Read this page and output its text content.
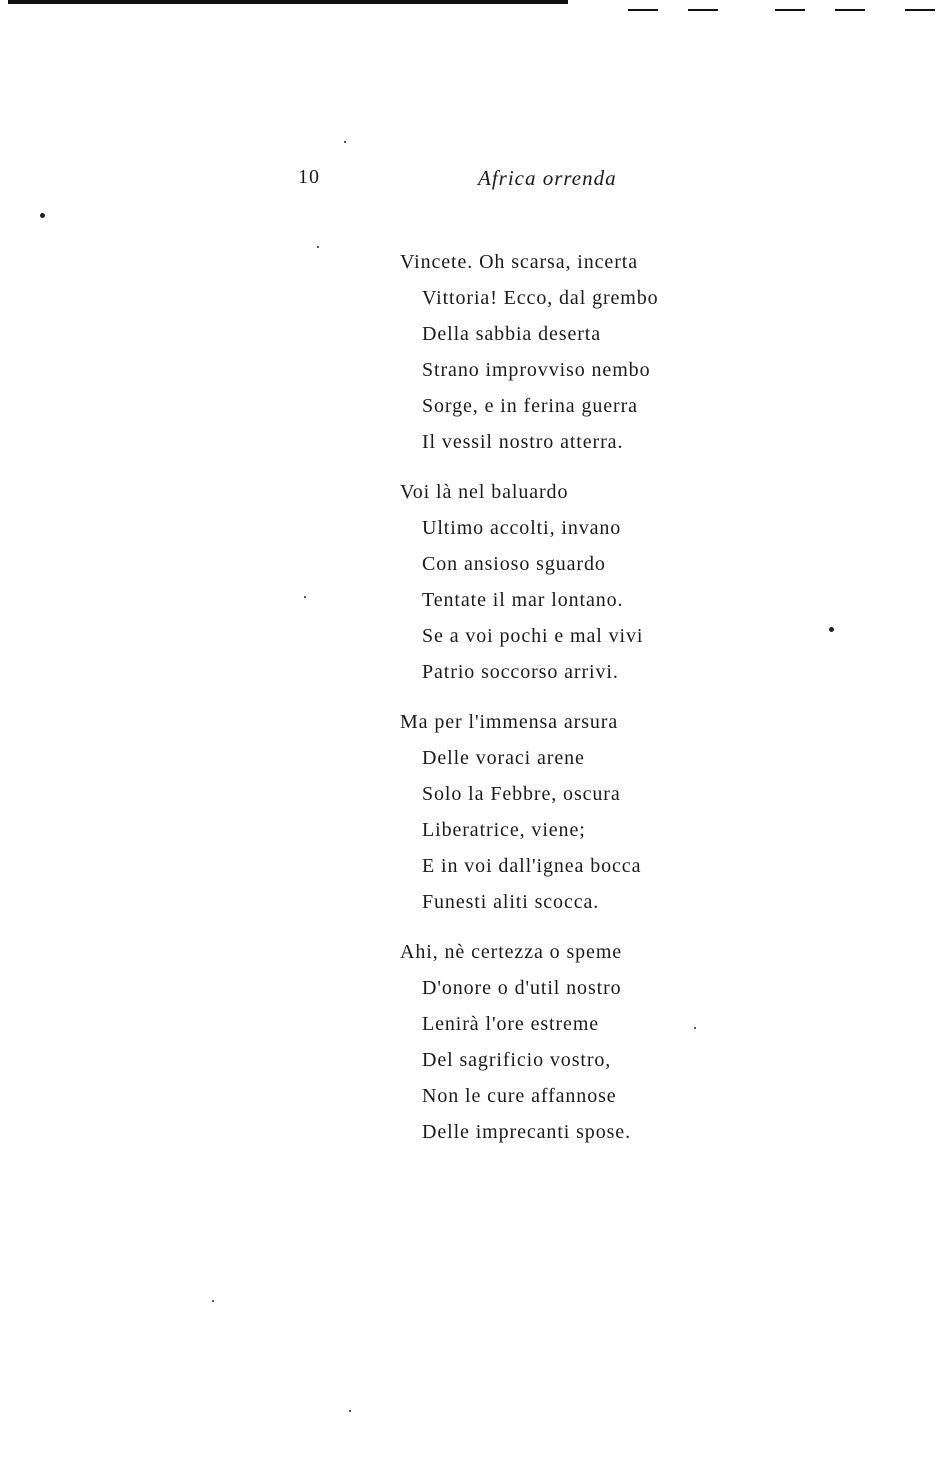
10	Africa orrenda
Vincete. Oh scarsa, incerta
Vittoria! Ecco, dal grembo
Della sabbia deserta
Strano improvviso nembo
Sorge, e in ferina guerra
Il vessil nostro atterra.
Voi là nel baluardo
Ultimo accolti, invano
Con ansioso sguardo
Tentate il mar lontano.
Se a voi pochi e mal vivi
Patrio soccorso arrivi.
Ma per l'immensa arsura
Delle voraci arene
Solo la Febbre, oscura
Liberatrice, viene;
E in voi dall'ignea bocca
Funesti aliti scocca.
Ahi, nè certezza o speme
D'onore o d'util nostro
Lenirà l'ore estreme
Del sagrificio vostro,
Non le cure affannose
Delle imprecanti spose.
